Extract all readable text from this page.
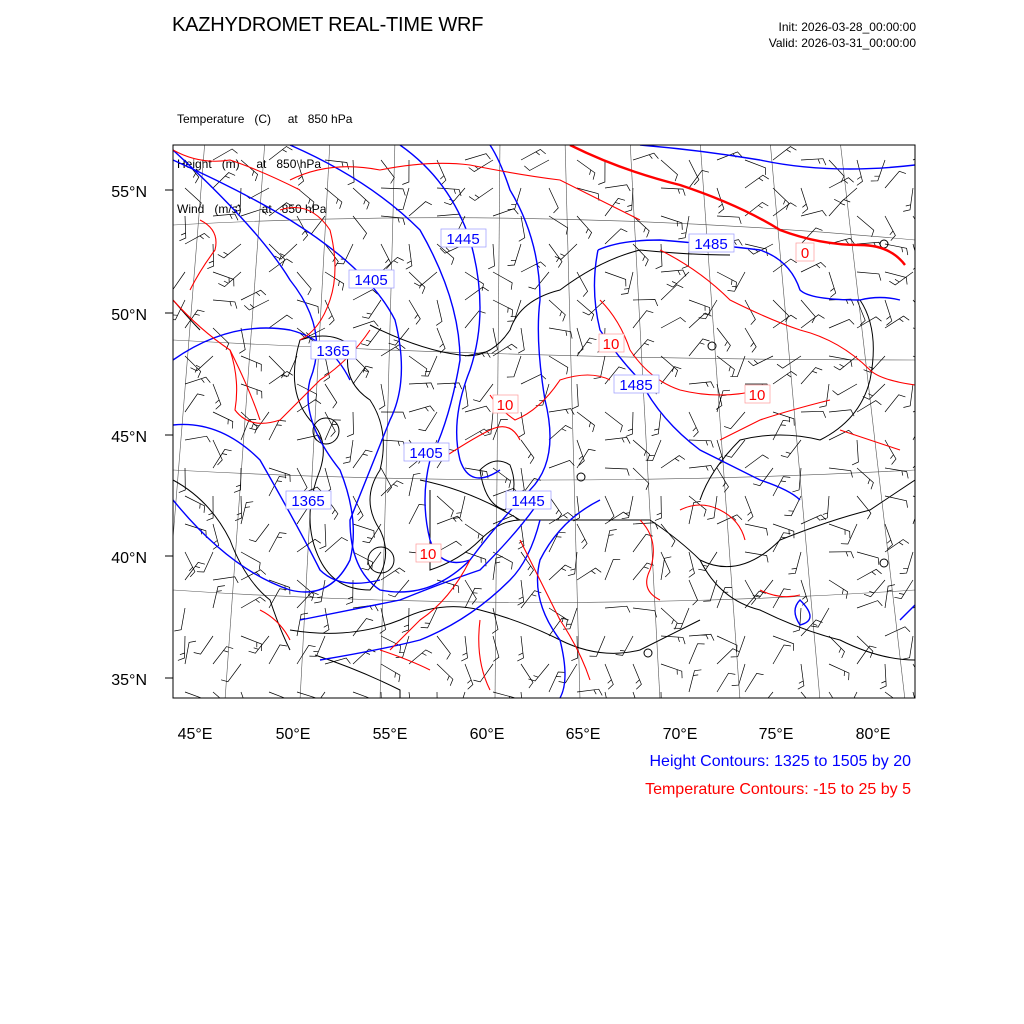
KAZHYDROMET REAL-TIME WRF	Init: 2026-03-28_00:00:00
Valid: 2026-03-31_00:00:00

Temperature   (C)     at   850 hPa

Height   (m)     at   850 hPa

Wind   (m/s)      at   850 hPa

1445	1485
1405
1365
1485
1405
1365	1445
0
10
10
10
10
55°N
50°N
45°N
40°N
35°N
45°E	50°E	55°E	60°E	65°E	70°E	75°E	80°E
Height Contours: 1325 to 1505 by 20
Temperature Contours: -15 to 25 by 5
